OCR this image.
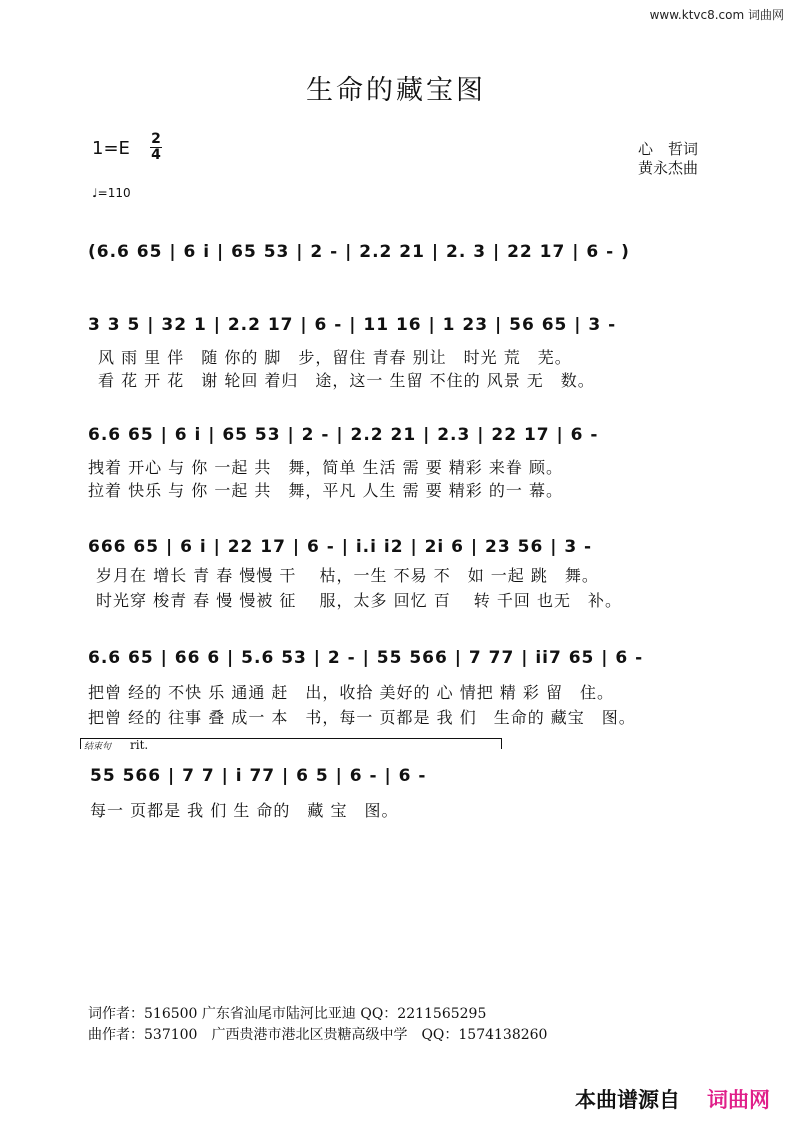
www.ktvc8.com 词曲网
生命的藏宝图
1=E 2
4	心　哲词
黄永杰曲
♩=110
(6.6 65 | 6 i | 65 53 | 2 - | 2.2 21 | 2. 3 | 22 17 | 6 - )
3 3 5 | 32 1 | 2.2 17 | 6 - | 11 16 | 1 23 | 56 65 | 3 -
风 雨 里 伴　随 你的 脚　步，留住 青春 别让　时光 荒　芜。
看 花 开 花　谢 轮回 着归　途，这一 生留 不住的 风景 无　数。
6.6 65 | 6 i | 65 53 | 2 - | 2.2 21 | 2.3 | 22 17 | 6 -
拽着 开心 与 你 一起 共　舞，简单 生活 需 要 精彩 来眷 顾。
拉着 快乐 与 你 一起 共　舞，平凡 人生 需 要 精彩 的一 幕。
666 65 | 6 i | 22 17 | 6 - | i.i i2 | 2i 6 | 23 56 | 3 -
岁月在 增长 青 春 慢慢 干　 枯，一生 不易 不　如 一起 跳　舞。
时光穿 梭青 春 慢 慢被 征　 服，太多 回忆 百　 转 千回 也无　补。
6.6 65 | 66 6 | 5.6 53 | 2 - | 55 566 | 7 77 | ii7 65 | 6 -
把曾 经的 不快 乐 通通 赶　出，收拾 美好的 心 情把 精 彩 留　住。
把曾 经的 往事 叠 成一 本　书，每一 页都是 我 们　生命的 藏宝　图。
结束句 rit.
55 566 | 7 7 | i 77 | 6 5 | 6 - | 6 -
每一 页都是 我 们 生 命的　藏 宝　图。
词作者：516500 广东省汕尾市陆河比亚迪 QQ：2211565295
曲作者：537100　广西贵港市港北区贵糖高级中学　QQ：1574138260
本曲谱源自 词曲网
